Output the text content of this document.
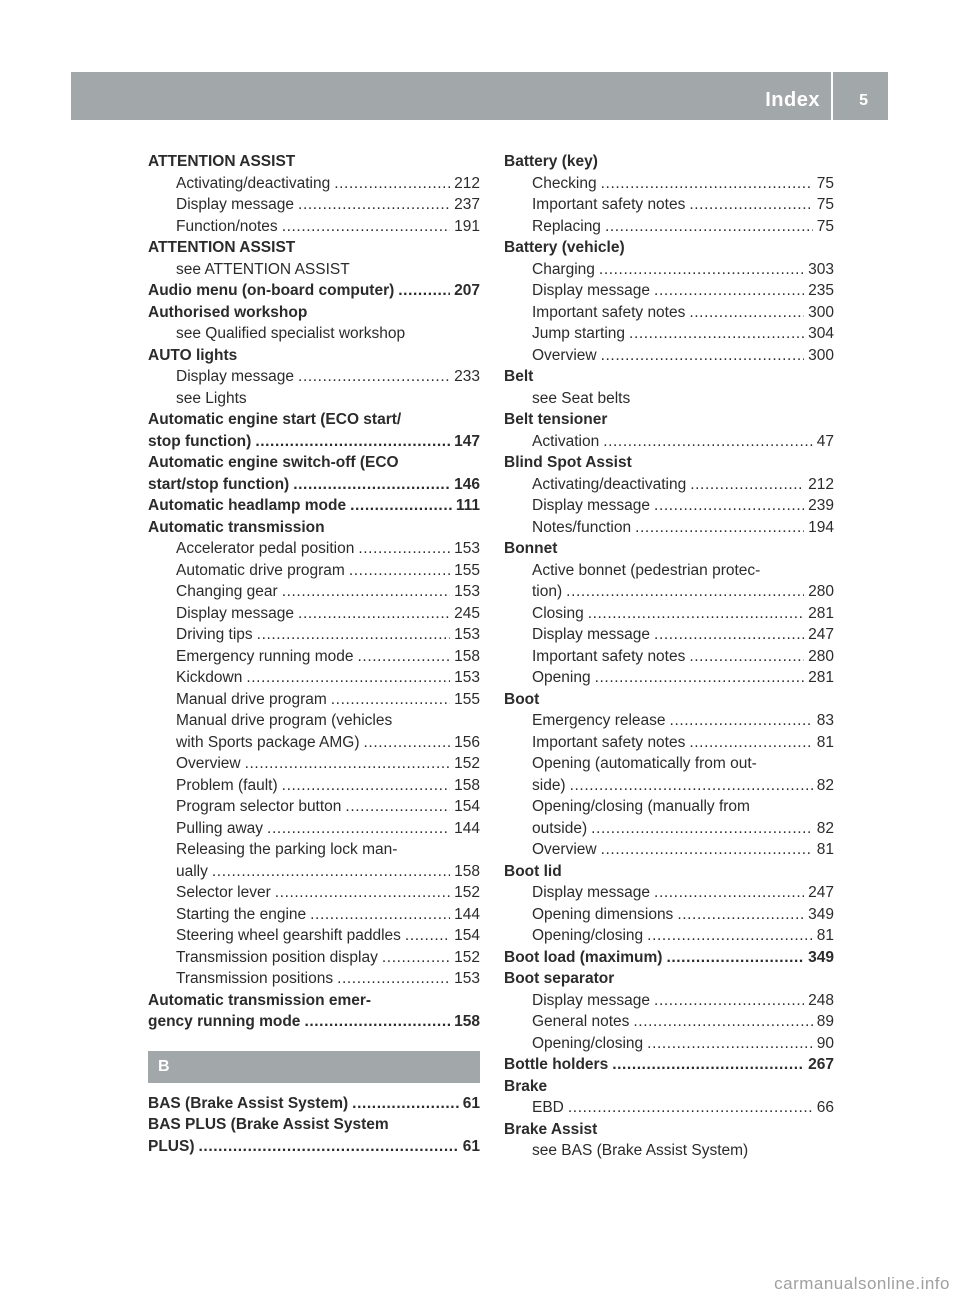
Index 5
ATTENTION ASSIST
Activating/deactivating .....	212
Display message .....	237
Function/notes .....	191
ATTENTION ASSIST
see ATTENTION ASSIST
Audio menu (on-board computer) .....	207
Authorised workshop
see Qualified specialist workshop
AUTO lights
Display message .....	233
see Lights
Automatic engine start (ECO start/
stop function) .....	147
Automatic engine switch-off (ECO
start/stop function) .....	146
Automatic headlamp mode .....	111
Automatic transmission
Accelerator pedal position .....	153
Automatic drive program .....	155
Changing gear .....	153
Display message .....	245
Driving tips .....	153
Emergency running mode .....	158
Kickdown .....	153
Manual drive program .....	155
Manual drive program (vehicles
with Sports package AMG) .....	156
Overview .....	152
Problem (fault) .....	158
Program selector button .....	154
Pulling away .....	144
Releasing the parking lock man-
ually .....	158
Selector lever .....	152
Starting the engine .....	144
Steering wheel gearshift paddles .....	154
Transmission position display .....	152
Transmission positions .....	153
Automatic transmission emer-
gency running mode .....	158
B
BAS (Brake Assist System) .....	61
BAS PLUS (Brake Assist System
PLUS) .....	61
Battery (key)
Checking .....	75
Important safety notes .....	75
Replacing .....	75
Battery (vehicle)
Charging .....	303
Display message .....	235
Important safety notes .....	300
Jump starting .....	304
Overview .....	300
Belt
see Seat belts
Belt tensioner
Activation .....	47
Blind Spot Assist
Activating/deactivating .....	212
Display message .....	239
Notes/function .....	194
Bonnet
Active bonnet (pedestrian protec-
tion) .....	280
Closing .....	281
Display message .....	247
Important safety notes .....	280
Opening .....	281
Boot
Emergency release .....	83
Important safety notes .....	81
Opening (automatically from out-
side) .....	82
Opening/closing (manually from
outside) .....	82
Overview .....	81
Boot lid
Display message .....	247
Opening dimensions .....	349
Opening/closing .....	81
Boot load (maximum) .....	349
Boot separator
Display message .....	248
General notes .....	89
Opening/closing .....	90
Bottle holders .....	267
Brake
EBD .....	66
Brake Assist
see BAS (Brake Assist System)
carmanualsonline.info
